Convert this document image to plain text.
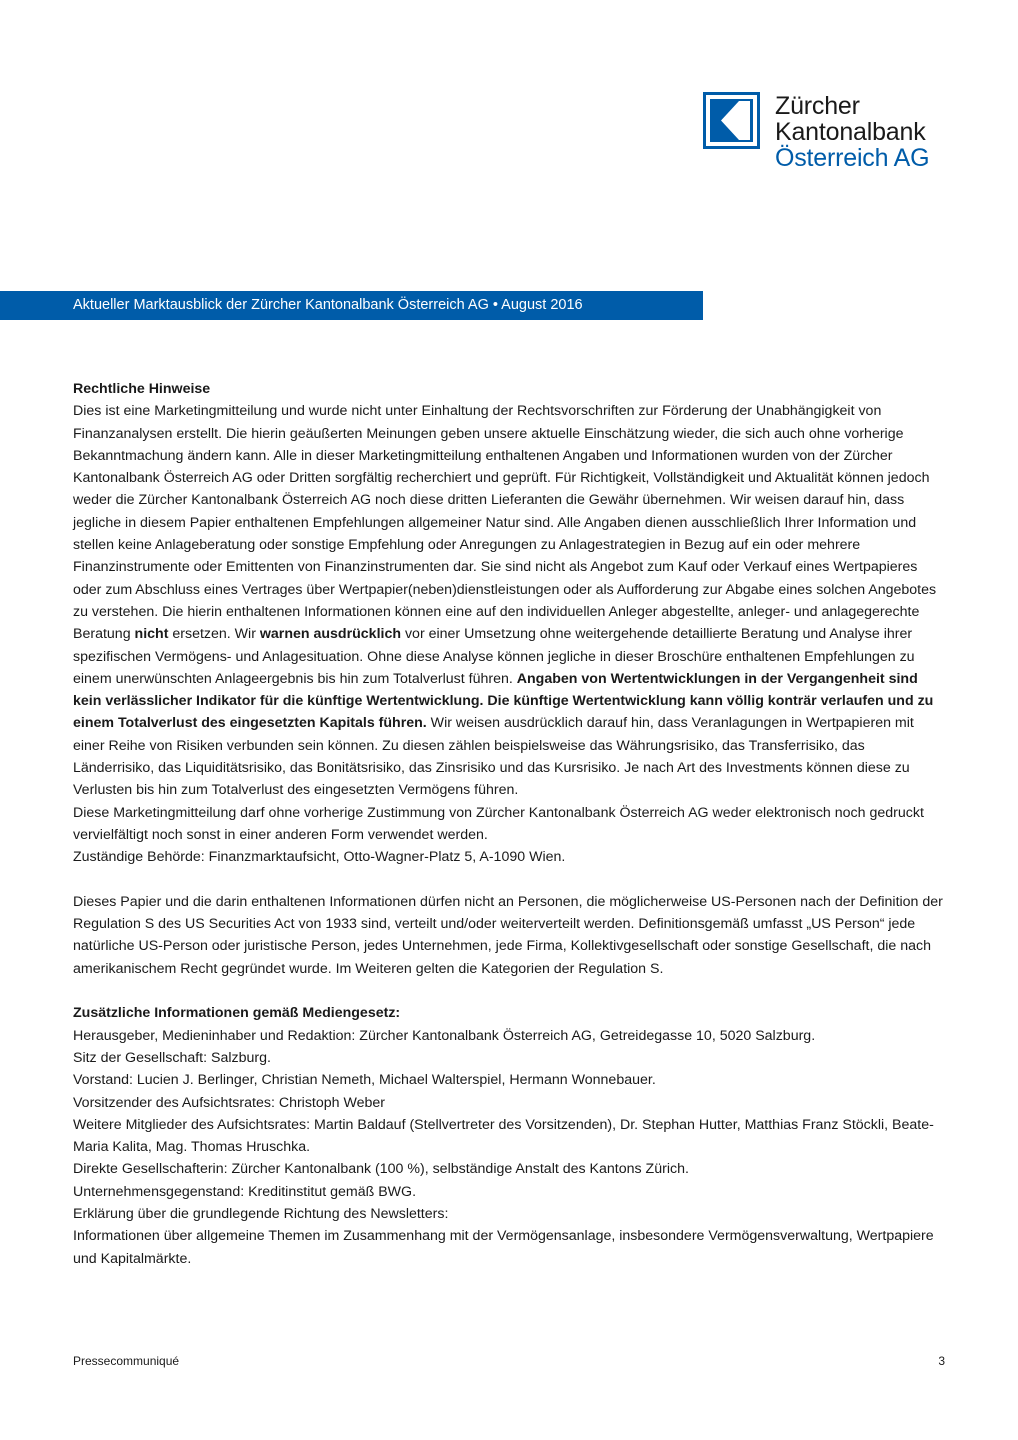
Zürcher
Kantonalbank
Österreich AG
Aktueller Marktausblick der Zürcher Kantonalbank Österreich AG • August 2016

Rechtliche Hinweise

Dies ist eine Marketingmitteilung und wurde nicht unter Einhaltung der Rechtsvorschriften zur Förderung der Unabhängigkeit von Finanzanalysen erstellt. Die hierin geäußerten Meinungen geben unsere aktuelle Einschätzung wieder, die sich auch ohne vorherige Bekanntmachung ändern kann. Alle in dieser Marketingmitteilung enthaltenen Angaben und Informationen wurden von der Zürcher Kantonalbank Österreich AG oder Dritten sorgfältig recherchiert und geprüft. Für Richtigkeit, Vollständigkeit und Aktualität können jedoch weder die Zürcher Kantonalbank Österreich AG noch diese dritten Lieferanten die Gewähr übernehmen. Wir weisen darauf hin, dass jegliche in diesem Papier enthaltenen Empfehlungen allgemeiner Natur sind. Alle Angaben dienen ausschließlich Ihrer Information und stellen keine Anlageberatung oder sonstige Empfehlung oder Anregungen zu Anlagestrategien in Bezug auf ein oder mehrere Finanzinstrumente oder Emittenten von Finanzinstrumenten dar. Sie sind nicht als Angebot zum Kauf oder Verkauf eines Wertpapieres oder zum Abschluss eines Vertrages über Wertpapier(neben)dienstleistungen oder als Aufforderung zur Abgabe eines solchen Angebotes zu verstehen. Die hierin enthaltenen Informationen können eine auf den individuellen Anleger abgestellte, anleger- und anlagegerechte Beratung nicht ersetzen. Wir warnen ausdrücklich vor einer Umsetzung ohne weitergehende detaillierte Beratung und Analyse ihrer spezifischen Vermögens- und Anlagesituation. Ohne diese Analyse können jegliche in dieser Broschüre enthaltenen Empfehlungen zu einem unerwünschten Anlageergebnis bis hin zum Totalverlust führen. Angaben von Wertentwicklungen in der Vergangenheit sind kein verlässlicher Indikator für die künftige Wertentwicklung. Die künftige Wertentwicklung kann völlig konträr verlaufen und zu einem Totalverlust des eingesetzten Kapitals führen. Wir weisen ausdrücklich darauf hin, dass Veranlagungen in Wertpapieren mit einer Reihe von Risiken verbunden sein können. Zu diesen zählen beispielsweise das Währungsrisiko, das Transferrisiko, das Länderrisiko, das Liquiditätsrisiko, das Bonitätsrisiko, das Zinsrisiko und das Kursrisiko. Je nach Art des Investments können diese zu Verlusten bis hin zum Totalverlust des eingesetzten Vermögens führen.

Diese Marketingmitteilung darf ohne vorherige Zustimmung von Zürcher Kantonalbank Österreich AG weder elektronisch noch gedruckt vervielfältigt noch sonst in einer anderen Form verwendet werden.

Zuständige Behörde: Finanzmarktaufsicht, Otto-Wagner-Platz 5, A-1090 Wien.

Dieses Papier und die darin enthaltenen Informationen dürfen nicht an Personen, die möglicherweise US-Personen nach der Definition der Regulation S des US Securities Act von 1933 sind, verteilt und/oder weiterverteilt werden. Definitionsgemäß umfasst „US Person“ jede natürliche US-Person oder juristische Person, jedes Unternehmen, jede Firma, Kollektivgesellschaft oder sonstige Gesellschaft, die nach amerikanischem Recht gegründet wurde. Im Weiteren gelten die Kategorien der Regulation S.

Zusätzliche Informationen gemäß Mediengesetz:

Herausgeber, Medieninhaber und Redaktion: Zürcher Kantonalbank Österreich AG, Getreidegasse 10, 5020 Salzburg.

Sitz der Gesellschaft: Salzburg.

Vorstand: Lucien J. Berlinger, Christian Nemeth, Michael Walterspiel, Hermann Wonnebauer.

Vorsitzender des Aufsichtsrates: Christoph Weber

Weitere Mitglieder des Aufsichtsrates: Martin Baldauf (Stellvertreter des Vorsitzenden), Dr. Stephan Hutter, Matthias Franz Stöckli, Beate-Maria Kalita, Mag. Thomas Hruschka.

Direkte Gesellschafterin: Zürcher Kantonalbank (100 %), selbständige Anstalt des Kantons Zürich.

Unternehmensgegenstand: Kreditinstitut gemäß BWG.

Erklärung über die grundlegende Richtung des Newsletters:

Informationen über allgemeine Themen im Zusammenhang mit der Vermögensanlage, insbesondere Vermögensverwaltung, Wertpapiere und Kapitalmärkte.

Pressecommuniqué	3
